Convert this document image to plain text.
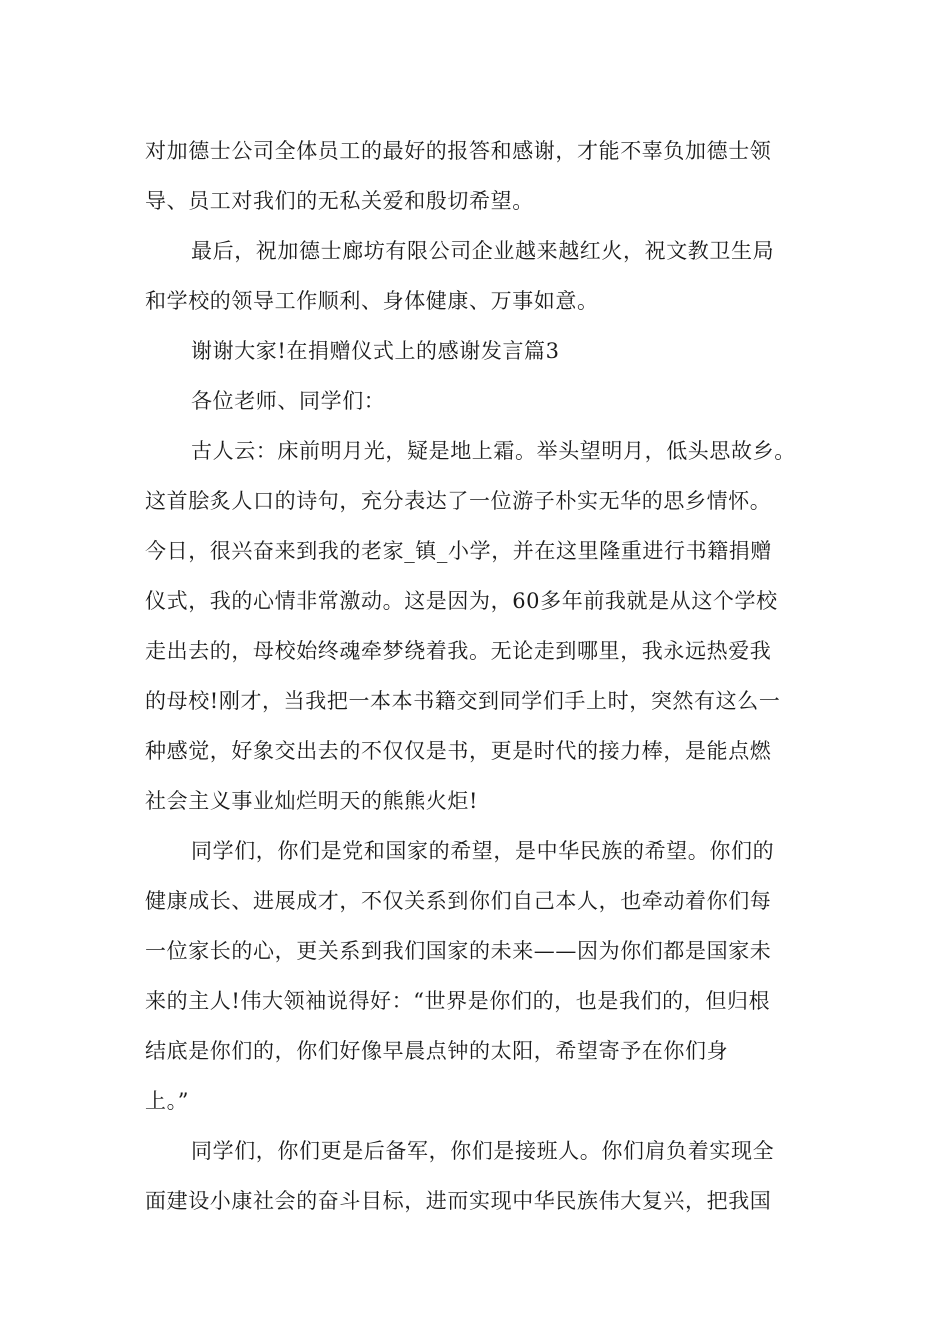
对加德士公司全体员工的最好的报答和感谢，才能不辜负加德士领

导、员工对我们的无私关爱和殷切希望。

最后，祝加德士廊坊有限公司企业越来越红火，祝文教卫生局

和学校的领导工作顺利、身体健康、万事如意。

谢谢大家!在捐赠仪式上的感谢发言篇3

各位老师、同学们：

古人云：床前明月光，疑是地上霜。举头望明月，低头思故乡。

这首脍炙人口的诗句，充分表达了一位游子朴实无华的思乡情怀。

今日，很兴奋来到我的老家_镇_小学，并在这里隆重进行书籍捐赠

仪式，我的心情非常激动。这是因为，60多年前我就是从这个学校

走出去的，母校始终魂牵梦绕着我。无论走到哪里，我永远热爱我

的母校!刚才，当我把一本本书籍交到同学们手上时，突然有这么一

种感觉，好象交出去的不仅仅是书，更是时代的接力棒，是能点燃

社会主义事业灿烂明天的熊熊火炬!

同学们，你们是党和国家的希望，是中华民族的希望。你们的

健康成长、进展成才，不仅关系到你们自己本人，也牵动着你们每

一位家长的心，更关系到我们国家的未来——因为你们都是国家未

来的主人!伟大领袖说得好：“世界是你们的，也是我们的，但归根

结底是你们的，你们好像早晨点钟的太阳，希望寄予在你们身

上。”

同学们，你们更是后备军，你们是接班人。你们肩负着实现全

面建设小康社会的奋斗目标，进而实现中华民族伟大复兴，把我国
